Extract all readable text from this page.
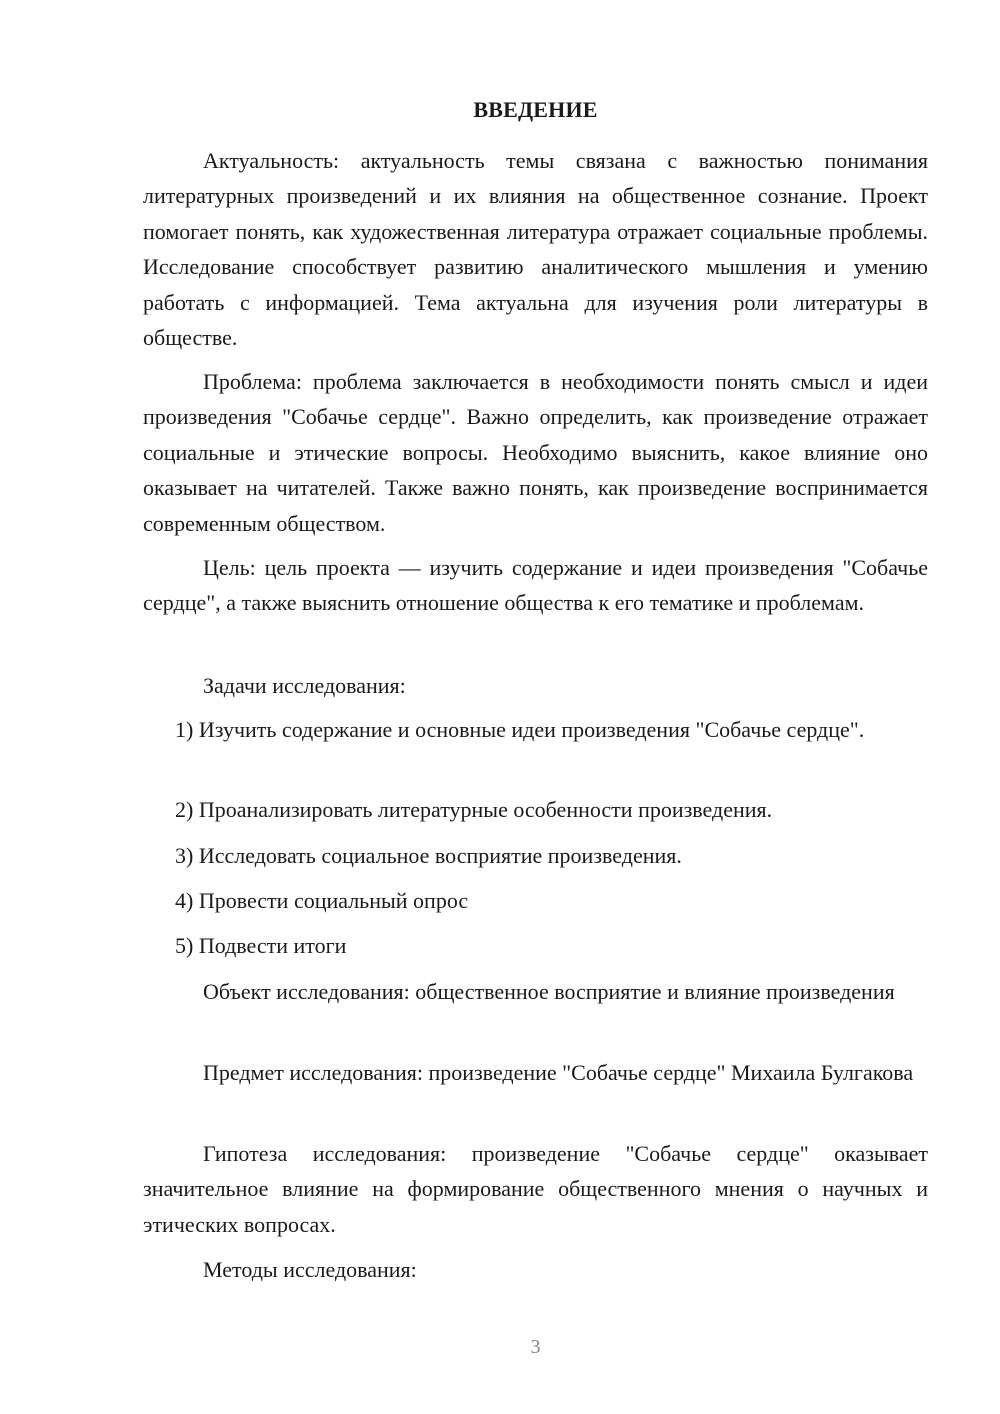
ВВЕДЕНИЕ

Актуальность: актуальность темы связана с важностью понимания литературных произведений и их влияния на общественное сознание. Проект помогает понять, как художественная литература отражает социальные проблемы. Исследование способствует развитию аналитического мышления и умению работать с информацией. Тема актуальна для изучения роли литературы в обществе.

Проблема: проблема заключается в необходимости понять смысл и идеи произведения "Собачье сердце". Важно определить, как произведение отражает социальные и этические вопросы. Необходимо выяснить, какое влияние оно оказывает на читателей. Также важно понять, как произведение воспринимается современным обществом.

Цель: цель проекта — изучить содержание и идеи произведения "Собачье сердце", а также выяснить отношение общества к его тематике и проблемам.

Задачи исследования:

1) Изучить содержание и основные идеи произведения "Собачье сердце".

2) Проанализировать литературные особенности произведения.

3) Исследовать социальное восприятие произведения.

4) Провести социальный опрос

5) Подвести итоги

Объект исследования: общественное восприятие и влияние произведения

Предмет исследования: произведение "Собачье сердце" Михаила Булгакова

Гипотеза исследования: произведение "Собачье сердце" оказывает значительное влияние на формирование общественного мнения о научных и этических вопросах.

Методы исследования:

3
